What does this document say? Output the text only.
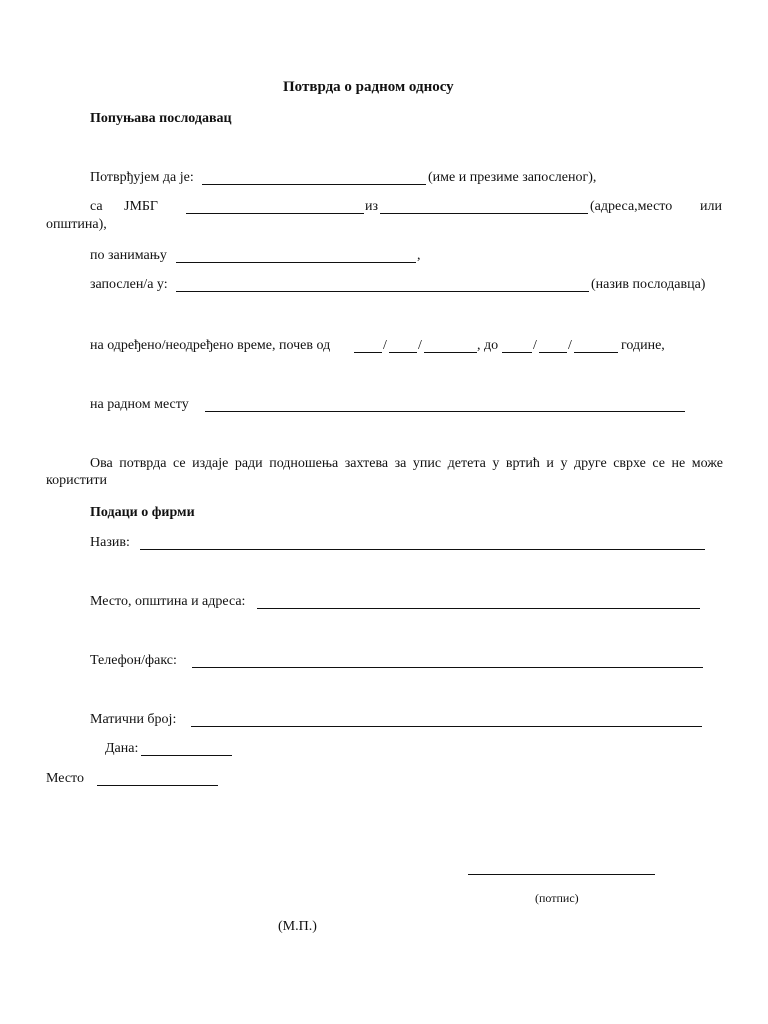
Потврда о радном односу
Попуњава послодавац
Потврђујем да је:	(име и презиме запосленог),
са ЈМБГ	из	(адреса,место или
општина),
по занимању	,
запослен/а у:	(назив послодавца)
на одређено/неодређено време, почев од	/ /	, до / /	године,
на радном месту
Ова потврда се издаје ради подношења захтева за упис детета у вртић и у друге сврхе се не може
користити
Подаци о фирми
Назив:
Место, општина и адреса:
Телефон/факс:
Матични број:
Дана:
Место
(потпис)
(М.П.)
